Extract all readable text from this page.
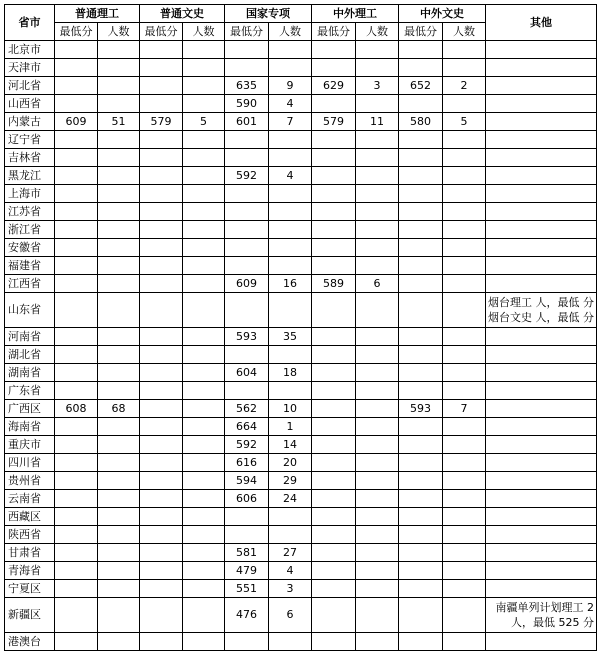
省市	普通理工		普通文史		国家专项		中外理工		中外文史		其他
	最低分	人数	最低分	人数	最低分	人数	最低分	人数	最低分	人数	
北京市											
天津市											
河北省					635	9	629	3	652	2	
山西省					590	4					
内蒙古	609	51	579	5	601	7	579	11	580	5	
辽宁省											
吉林省											
黑龙江					592	4					
上海市											
江苏省											
浙江省											
安徽省											
福建省											
江西省					609	16	589	6			
山东省											烟台理工 人，最低 分
烟台文史 人，最低 分
河南省					593	35					
湖北省											
湖南省					604	18					
广东省											
广西区	608	68			562	10			593	7	
海南省					664	1					
重庆市					592	14					
四川省					616	20					
贵州省					594	29					
云南省					606	24					
西藏区											
陕西省											
甘肃省					581	27					
青海省					479	4					
宁夏区					551	3					
新疆区					476	6					南疆单列计划理工 2 人，最低 525 分
港澳台											
